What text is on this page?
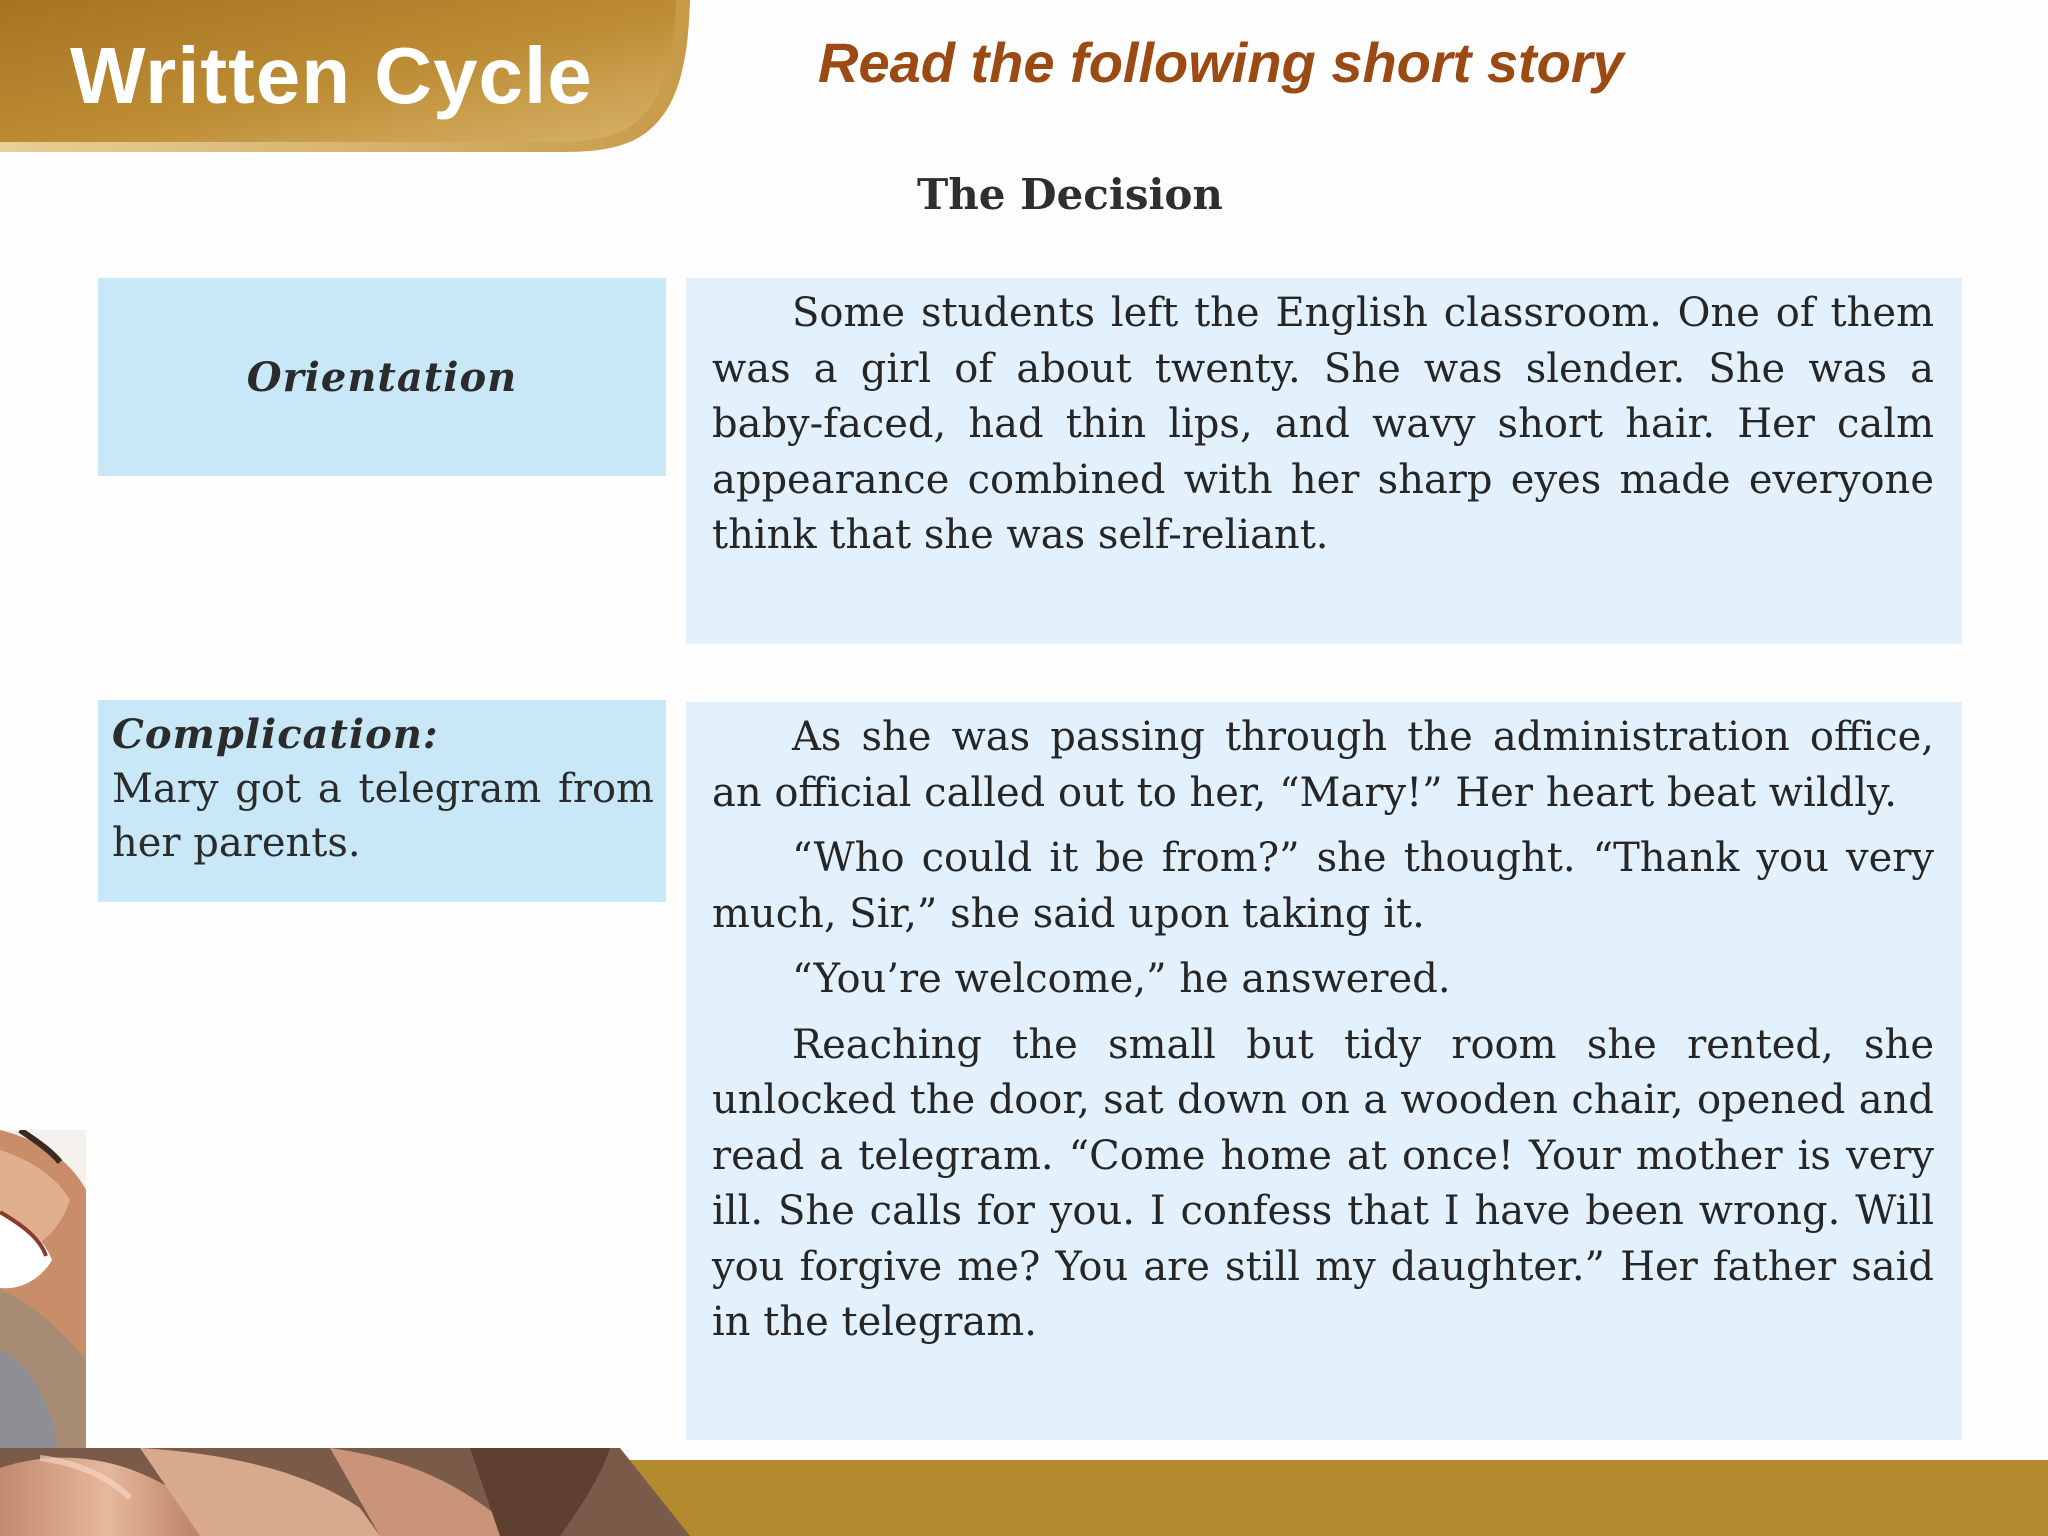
Written Cycle	Read the following short story
The Decision
Orientation

Some students left the English classroom. One of them was a girl of about twenty. She was slender. She was a baby-faced, had thin lips, and wavy short hair. Her calm appearance combined with her sharp eyes made everyone think that she was self-reliant.

Complication:
Mary got a telegram from her parents.

As she was passing through the administration office, an official called out to her, “Mary!” Her heart beat wildly.

“Who could it be from?” she thought. “Thank you very much, Sir,” she said upon taking it.

“You’re welcome,” he answered.

Reaching the small but tidy room she rented, she unlocked the door, sat down on a wooden chair, opened and read a telegram. “Come home at once! Your mother is very ill. She calls for you. I confess that I have been wrong. Will you forgive me? You are still my daughter.” Her father said in the telegram.
